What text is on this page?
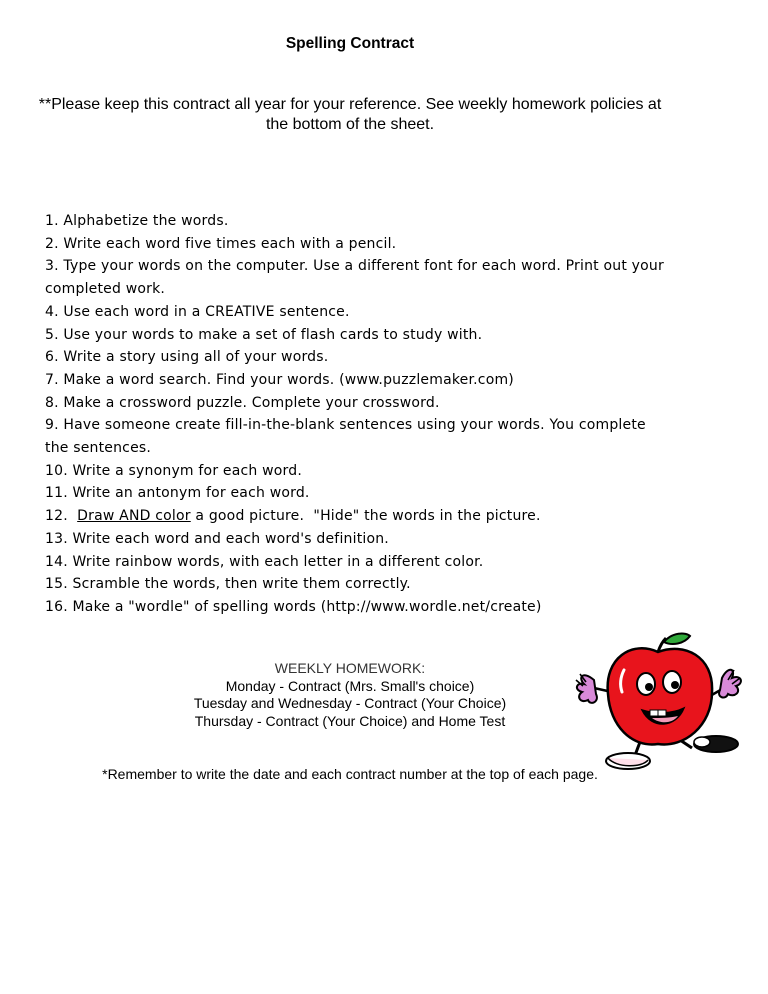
Spelling Contract
**Please keep this contract all year for your reference. See weekly homework policies at the bottom of the sheet.
1. Alphabetize the words.
2. Write each word five times each with a pencil.
3. Type your words on the computer. Use a different font for each word. Print out your completed work.
4. Use each word in a CREATIVE sentence.
5. Use your words to make a set of flash cards to study with.
6. Write a story using all of your words.
7. Make a word search. Find your words. (www.puzzlemaker.com)
8. Make a crossword puzzle. Complete your crossword.
9. Have someone create fill-in-the-blank sentences using your words. You complete the sentences.
10. Write a synonym for each word.
11. Write an antonym for each word.
12.  Draw AND color a good picture.  "Hide" the words in the picture.
13. Write each word and each word's definition.
14. Write rainbow words, with each letter in a different color.
15. Scramble the words, then write them correctly.
16. Make a "wordle" of spelling words (http://www.wordle.net/create)
WEEKLY HOMEWORK:
Monday - Contract (Mrs. Small's choice)
Tuesday and Wednesday - Contract (Your Choice)
Thursday - Contract (Your Choice) and Home Test
*Remember to write the date and each contract number at the top of each page.
